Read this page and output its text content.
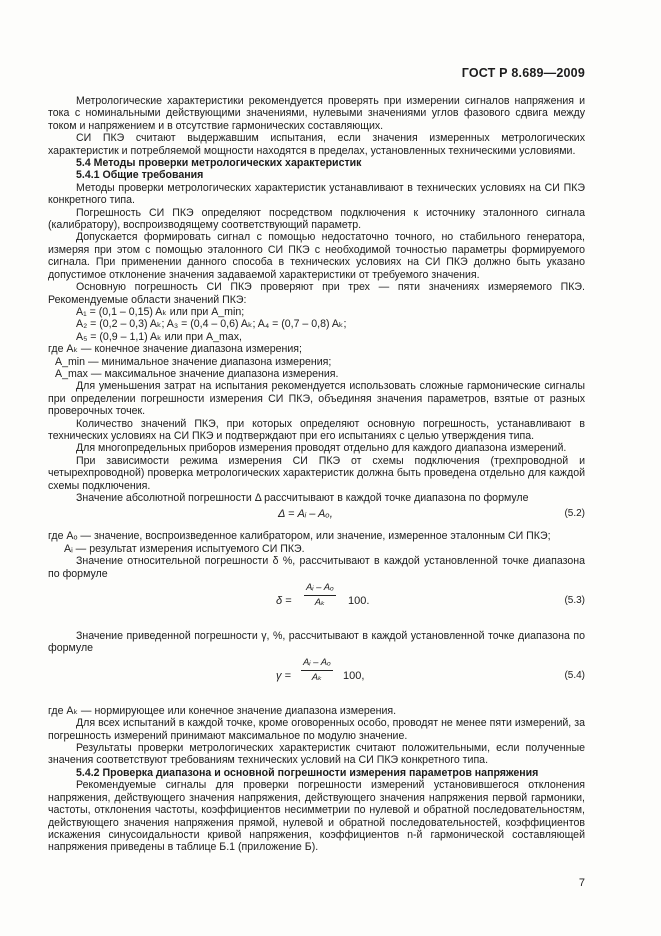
ГОСТ Р 8.689—2009

Метрологические характеристики рекомендуется проверять при измерении сигналов напряжения и тока с номинальными действующими значениями, нулевыми значениями углов фазового сдвига между током и напряжением и в отсутствие гармонических составляющих.

СИ ПКЭ считают выдержавшим испытания, если значения измеренных метрологических характеристик и потребляемой мощности находятся в пределах, установленных техническими условиями.

5.4 Методы проверки метрологических характеристик

5.4.1 Общие требования

Методы проверки метрологических характеристик устанавливают в технических условиях на СИ ПКЭ конкретного типа.

Погрешность СИ ПКЭ определяют посредством подключения к источнику эталонного сигнала (калибратору), воспроизводящему соответствующий параметр.

Допускается формировать сигнал с помощью недостаточно точного, но стабильного генератора, измеряя при этом с помощью эталонного СИ ПКЭ с необходимой точностью параметры формируемого сигнала. При применении данного способа в технических условиях на СИ ПКЭ должно быть указано допустимое отклонение значения задаваемой характеристики от требуемого значения.

Основную погрешность СИ ПКЭ проверяют при трех — пяти значениях измеряемого ПКЭ. Рекомендуемые области значений ПКЭ:

A₁ = (0,1 – 0,15) Aₖ или при A_min;

A₂ = (0,2 – 0,3) Aₖ; A₃ = (0,4 – 0,6) Aₖ; A₄ = (0,7 – 0,8) Aₖ;

A₅ = (0,9 – 1,1) Aₖ или при A_max,

где Aₖ — конечное значение диапазона измерения;

A_min — минимальное значение диапазона измерения;

A_max — максимальное значение диапазона измерения.

Для уменьшения затрат на испытания рекомендуется использовать сложные гармонические сигналы при определении погрешности измерения СИ ПКЭ, объединяя значения параметров, взятые от разных проверочных точек.

Количество значений ПКЭ, при которых определяют основную погрешность, устанавливают в технических условиях на СИ ПКЭ и подтверждают при его испытаниях с целью утверждения типа.

Для многопредельных приборов измерения проводят отдельно для каждого диапазона измерений.

При зависимости режима измерения СИ ПКЭ от схемы подключения (трехпроводной и четырехпроводной) проверка метрологических характеристик должна быть проведена отдельно для каждой схемы подключения.

Значение абсолютной погрешности Δ рассчитывают в каждой точке диапазона по формуле

Δ = Aᵢ – Aₒ,	(5.2)

где Aₒ — значение, воспроизведенное калибратором, или значение, измеренное эталонным СИ ПКЭ;

Aᵢ — результат измерения испытуемого СИ ПКЭ.

Значение относительной погрешности δ %, рассчитывают в каждой установленной точке диапазона по формуле

$\delta = \frac{\text{Aᵢ – Aₒ}}{\text{Aₖ}} 100$.	(5.3)

Значение приведенной погрешности γ, %, рассчитывают в каждой установленной точке диапазона по формуле

$\gamma = \frac{\text{Aᵢ – Aₒ}}{\text{Aₖ}} 100$,	(5.4)

где Aₖ — нормирующее или конечное значение диапазона измерения.

Для всех испытаний в каждой точке, кроме оговоренных особо, проводят не менее пяти измерений, за погрешность измерений принимают максимальное по модулю значение.

Результаты проверки метрологических характеристик считают положительными, если полученные значения соответствуют требованиям технических условий на СИ ПКЭ конкретного типа.

5.4.2 Проверка диапазона и основной погрешности измерения параметров напряжения

Рекомендуемые сигналы для проверки погрешности измерений установившегося отклонения напряжения, действующего значения напряжения, действующего значения напряжения первой гармоники, частоты, отклонения частоты, коэффициентов несимметрии по нулевой и обратной последовательностям, действующего значения напряжения прямой, нулевой и обратной последовательностей, коэффициентов искажения синусоидальности кривой напряжения, коэффициентов n-й гармонической составляющей напряжения приведены в таблице Б.1 (приложение Б).

7
